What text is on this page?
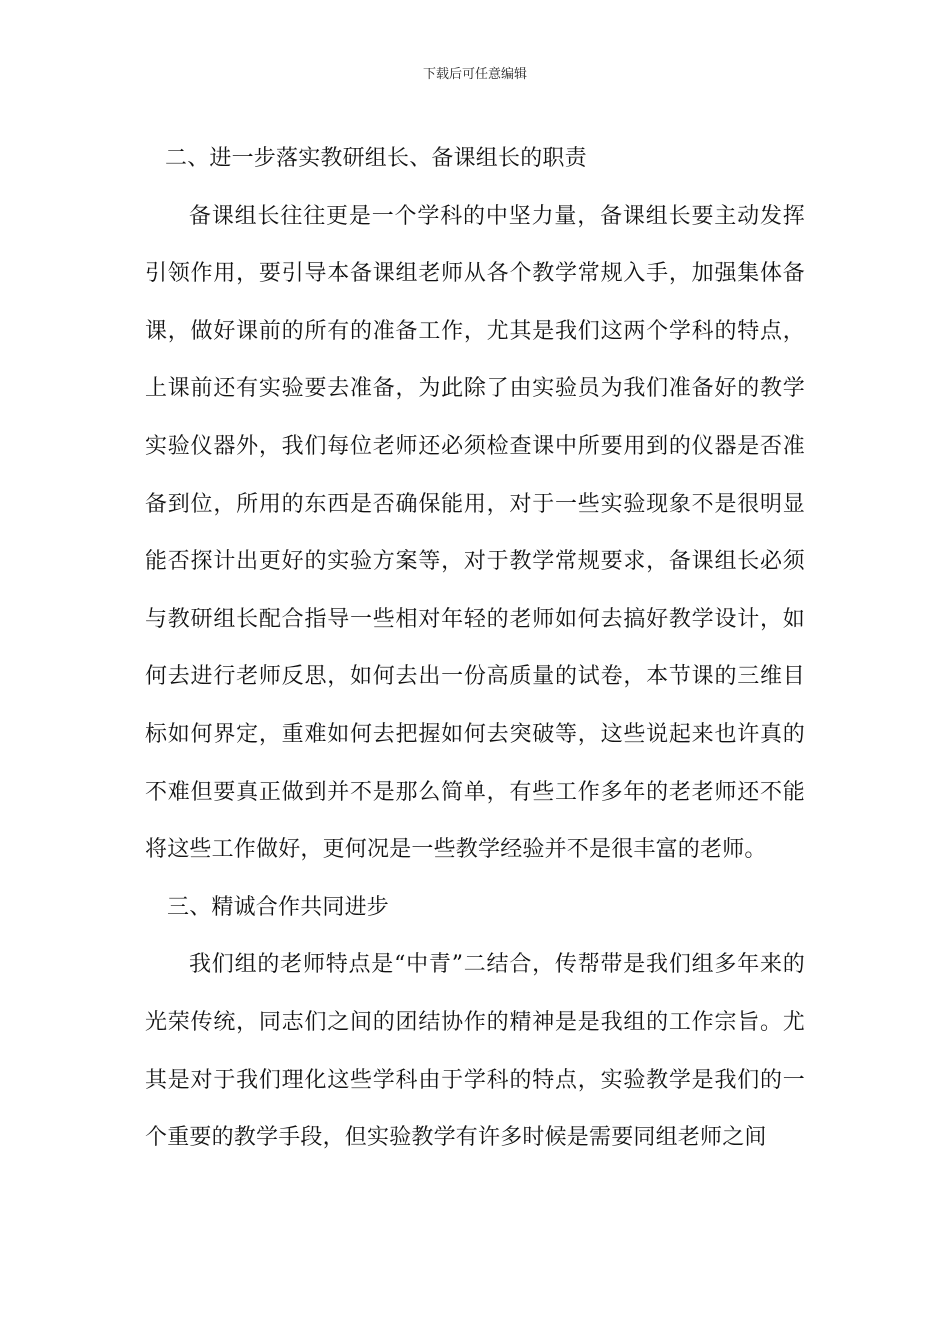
下载后可任意编辑
二、进一步落实教研组长、备课组长的职责

备课组长往往更是一个学科的中坚力量，备课组长要主动发挥引领作用，要引导本备课组老师从各个教学常规入手，加强集体备课，做好课前的所有的准备工作，尤其是我们这两个学科的特点，上课前还有实验要去准备，为此除了由实验员为我们准备好的教学实验仪器外，我们每位老师还必须检查课中所要用到的仪器是否准备到位，所用的东西是否确保能用，对于一些实验现象不是很明显能否探计出更好的实验方案等，对于教学常规要求，备课组长必须与教研组长配合指导一些相对年轻的老师如何去搞好教学设计，如何去进行老师反思，如何去出一份高质量的试卷，本节课的三维目标如何界定，重难如何去把握如何去突破等，这些说起来也许真的不难但要真正做到并不是那么简单，有些工作多年的老老师还不能将这些工作做好，更何况是一些教学经验并不是很丰富的老师。

三、精诚合作共同进步

我们组的老师特点是“中青”二结合，传帮带是我们组多年来的光荣传统，同志们之间的团结协作的精神是是我组的工作宗旨。尤其是对于我们理化这些学科由于学科的特点，实验教学是我们的一个重要的教学手段，但实验教学有许多时候是需要同组老师之间
